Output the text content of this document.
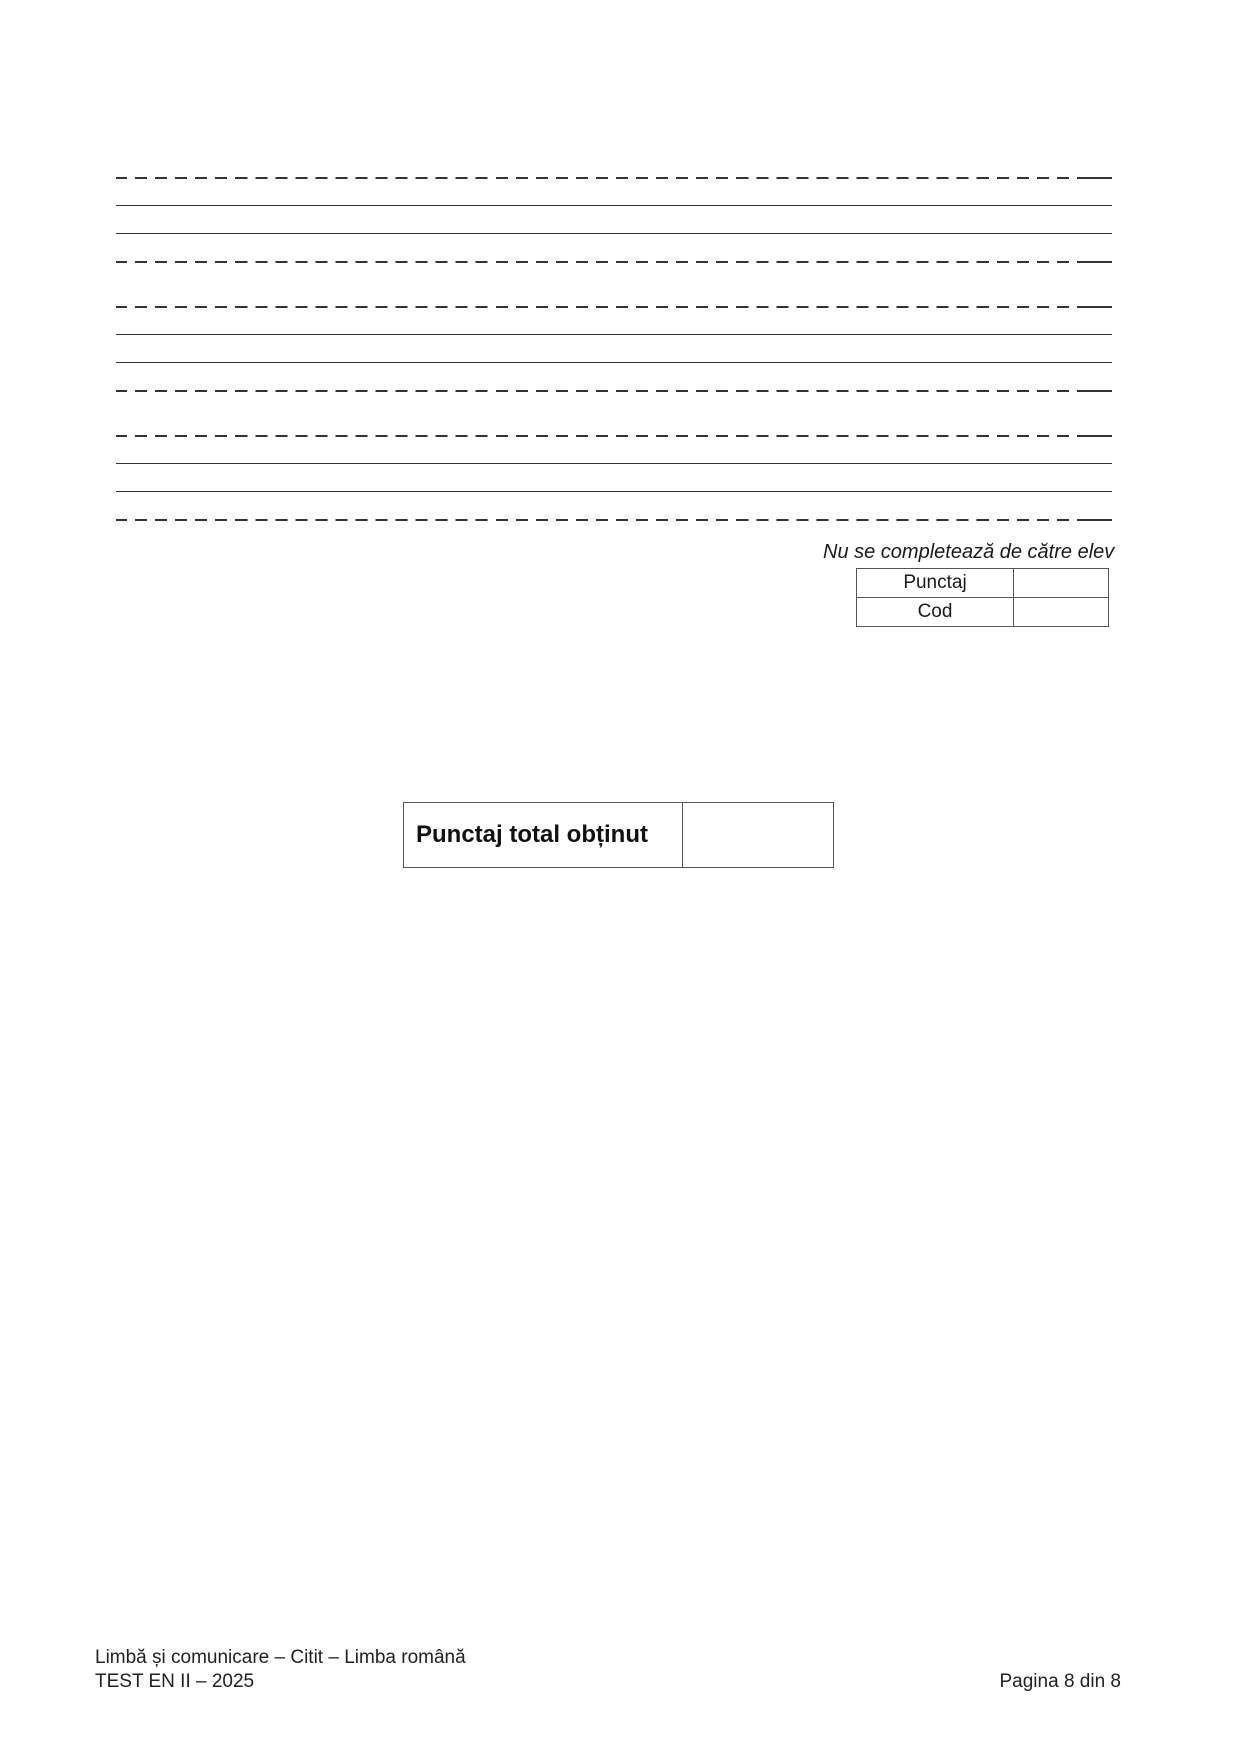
Nu se completează de către elev
Punctaj	
Cod	
Punctaj total obținut	
Limbă și comunicare – Citit – Limba română
TEST EN II – 2025	Pagina 8 din 8
